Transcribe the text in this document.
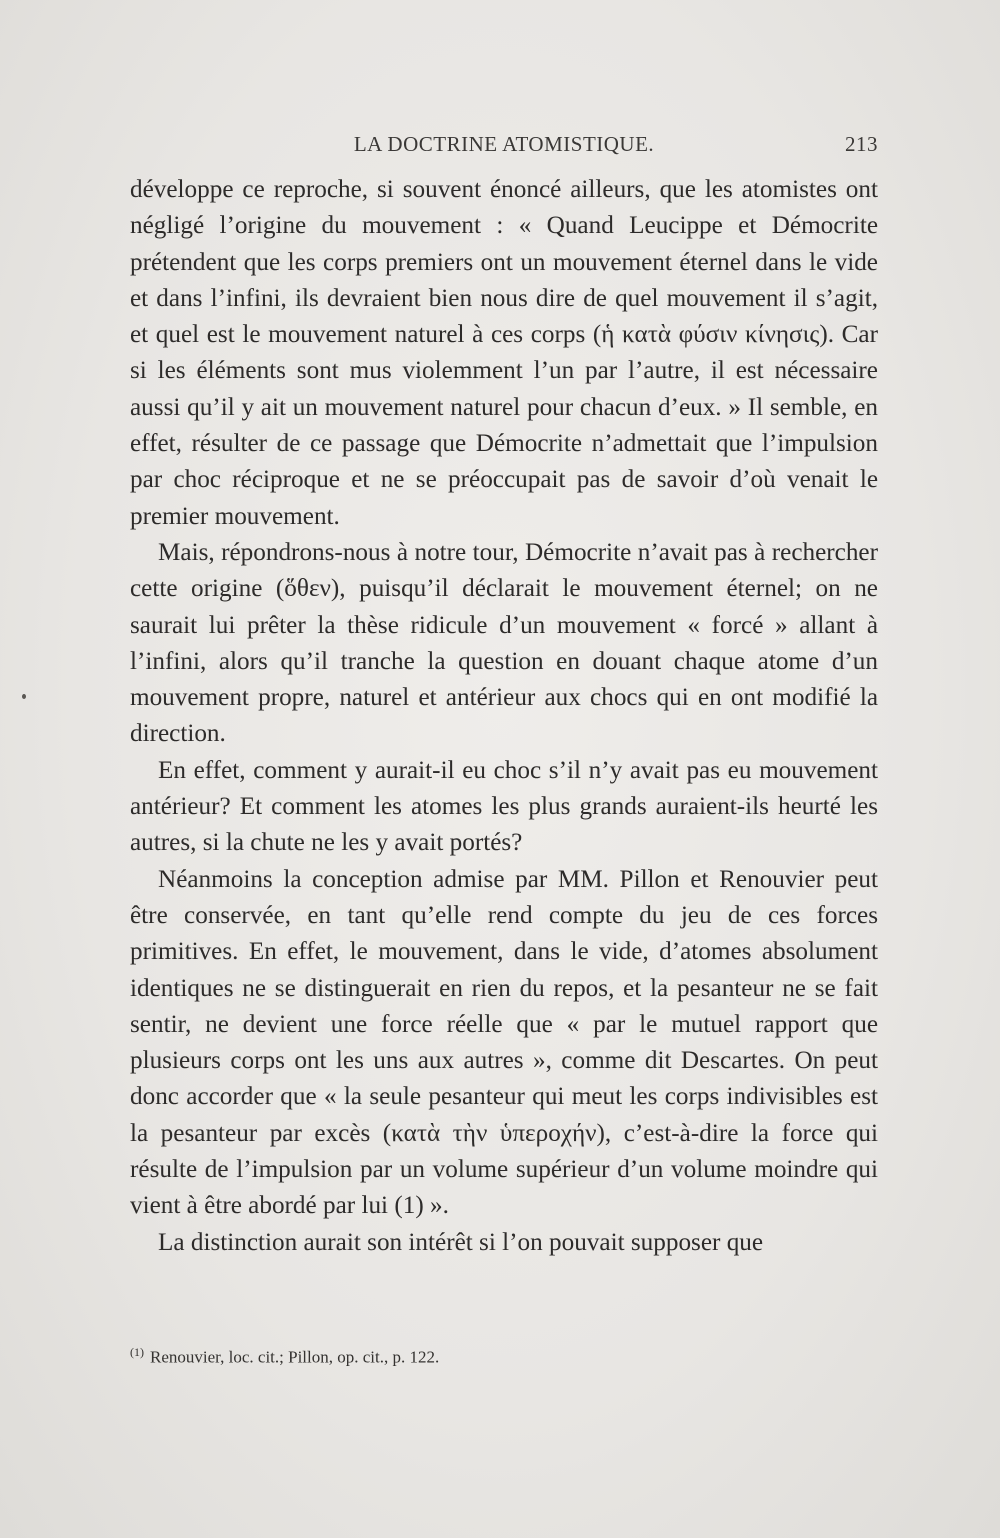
LA DOCTRINE ATOMISTIQUE.	213

développe ce reproche, si souvent énoncé ailleurs, que les atomistes ont négligé l’origine du mouvement : « Quand Leucippe et Démocrite prétendent que les corps premiers ont un mouvement éternel dans le vide et dans l’infini, ils devraient bien nous dire de quel mouvement il s’agit, et quel est le mouvement naturel à ces corps (ἡ κατὰ φύσιν κίνησις). Car si les éléments sont mus violemment l’un par l’autre, il est nécessaire aussi qu’il y ait un mouvement naturel pour chacun d’eux. » Il semble, en effet, résulter de ce passage que Démocrite n’admettait que l’impulsion par choc réciproque et ne se préoccupait pas de savoir d’où venait le premier mouvement.

Mais, répondrons-nous à notre tour, Démocrite n’avait pas à rechercher cette origine (ὅθεν), puisqu’il déclarait le mouvement éternel; on ne saurait lui prêter la thèse ridicule d’un mouvement « forcé » allant à l’infini, alors qu’il tranche la question en douant chaque atome d’un mouvement propre, naturel et antérieur aux chocs qui en ont modifié la direction.

En effet, comment y aurait-il eu choc s’il n’y avait pas eu mouvement antérieur? Et comment les atomes les plus grands auraient-ils heurté les autres, si la chute ne les y avait portés?

Néanmoins la conception admise par MM. Pillon et Renouvier peut être conservée, en tant qu’elle rend compte du jeu de ces forces primitives. En effet, le mouvement, dans le vide, d’atomes absolument identiques ne se distinguerait en rien du repos, et la pesanteur ne se fait sentir, ne devient une force réelle que « par le mutuel rapport que plusieurs corps ont les uns aux autres », comme dit Descartes. On peut donc accorder que « la seule pesanteur qui meut les corps indivisibles est la pesanteur par excès (κατὰ τὴν ὑπεροχήν), c’est-à-dire la force qui résulte de l’impulsion par un volume supérieur d’un volume moindre qui vient à être abordé par lui (1) ».

La distinction aurait son intérêt si l’on pouvait supposer que

$^{(1)}$ Renouvier, loc. cit.; Pillon, op. cit., p. 122.
